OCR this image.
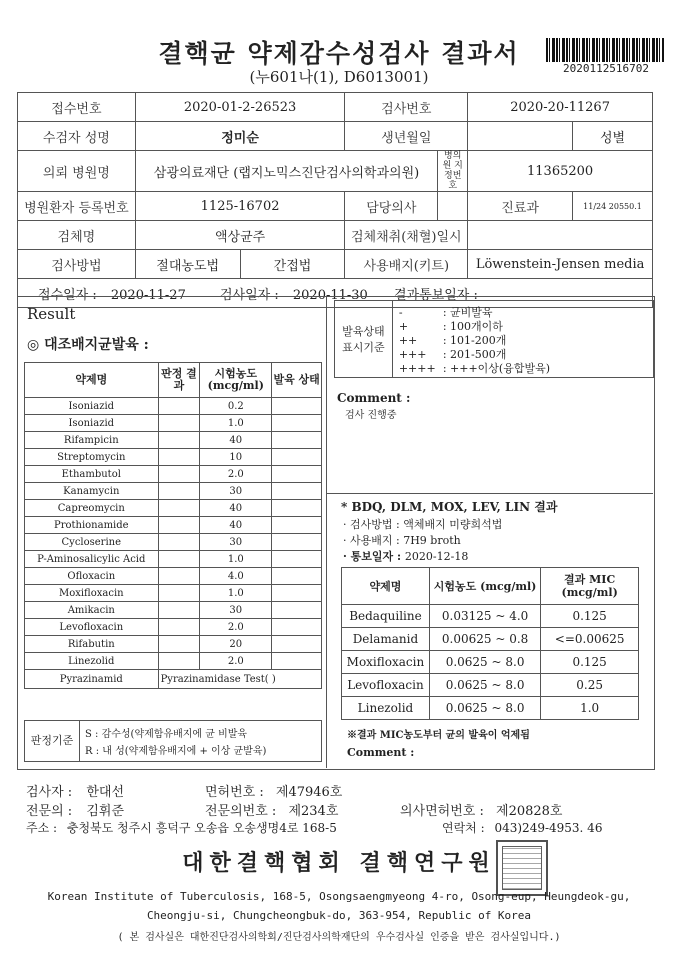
결핵균 약제감수성검사 결과서
(누601나(1), D6013001)	2020112516702
접수번호	2020-01-2-26523		검사번호		2020-20-11267	
수검자 성명	정미순		생년월일			성별
의뢰 병원명	삼광의료재단 (랩지노믹스진단검사의학과의원)			병의원 지정번호	11365200	
병원환자 등록번호	1125-16702		담당의사		진료과	11/24 20550.1
검체명	액상균주		검체채취(채혈)일시			
검사방법	절대농도법	간접법	사용배지(키트)		Löwenstein-Jensen media	
접수일자 : 2020-11-27 검사일자 : 2020-11-30 결과통보일자 :						
Result
◎ 대조배지균발육 :
약제명	판정 결과	시험농도 (mcg/ml)	발육 상태
Isoniazid		0.2	
Isoniazid		1.0	
Rifampicin		40	
Streptomycin		10	
Ethambutol		2.0	
Kanamycin		30	
Capreomycin		40	
Prothionamide		40	
Cycloserine		30	
P-Aminosalicylic Acid		1.0	
Ofloxacin		4.0	
Moxifloxacin		1.0	
Amikacin		30	
Levofloxacin		2.0	
Rifabutin		20	
Linezolid		2.0	
Pyrazinamid	Pyrazinamidase Test( )		
발육상태 표시기준	
-	: 균비발육
+	: 100개이하
++ : 101-200개
+++ : 201-500개
++++ : +++이상(융합발육)
Comment :
검사 진행중
* BDQ, DLM, MOX, LEV, LIN 결과
· 검사방법 : 액체배지 미량희석법
· 사용배지 : 7H9 broth
· 통보일자 : 2020-12-18
약제명	시험농도 (mcg/ml)	결과 MIC (mcg/ml)
Bedaquiline	0.03125 ~ 4.0	0.125
Delamanid	0.00625 ~ 0.8	<=0.00625
Moxifloxacin	0.0625 ~ 8.0	0.125
Levofloxacin	0.0625 ~ 8.0	0.25
Linezolid	0.0625 ~ 8.0	1.0
※결과 MIC농도부터 균의 발육이 억제됨
Comment :
판정기준	S : 감수성(약제함유배지에 균 비발육
R : 내 성(약제함유배지에 + 이상 균발육)
검사자 : 한대선	면허번호 : 제47946호
전문의 : 김휘준	전문의번호 : 제234호	의사면허번호 : 제20828호
주소 : 충청북도 청주시 흥덕구 오송읍 오송생명4로 168-5	연락처 : 043)249-4953. 46
대한결핵협회 결핵연구원
Korean Institute of Tuberculosis, 168-5, Osongsaengmyeong 4-ro, Osong-eup, Heungdeok-gu,
Cheongju-si, Chungcheongbuk-do, 363-954, Republic of Korea
( 본 검사실은 대한진단검사의학회/진단검사의학재단의 우수검사실 인증을 받은 검사실입니다.)
